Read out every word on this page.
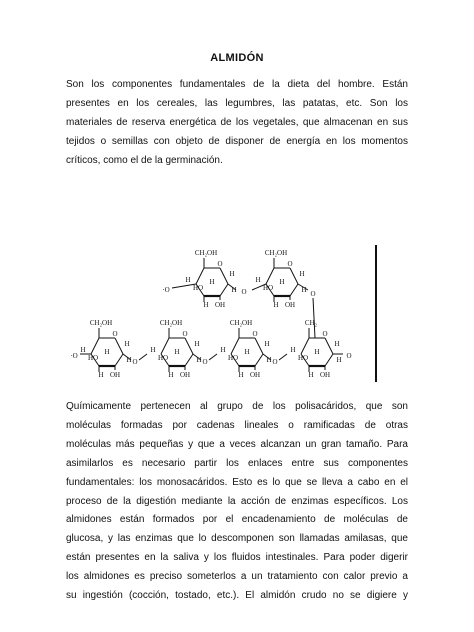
ALMIDÓN
Son los componentes fundamentales de la dieta del hombre. Están
presentes en los cereales, las legumbres, las patatas, etc. Son los
materiales de reserva energética de los vegetales, que almacenan en sus
tejidos o semillas con objeto de disponer de energía en los momentos
críticos, como el de la germinación.
O
CH₂OH
H
HO
H
H OH
H
H
O
CH₂OH
H
HO
H
H OH
H
H
O
CH₂OH
H
HO
H
H OH
H
H
O
CH₂OH
H
HO
H
H OH
H
H
O
CH₂OH
H
HO
H
H OH
H
H
O
CH₂
H
HO
H
H OH
H
H
·O
O	O	O
O
·O	O	O
Químicamente pertenecen al grupo de los polisacáridos, que son
moléculas formadas por cadenas lineales o ramificadas de otras
moléculas más pequeñas y que a veces alcanzan un gran tamaño. Para
asimilarlos es necesario partir los enlaces entre sus componentes
fundamentales: los monosacáridos. Esto es lo que se lleva a cabo en el
proceso de la digestión mediante la acción de enzimas específicos. Los
almidones están formados por el encadenamiento de moléculas de
glucosa, y las enzimas que lo descomponen son llamadas amilasas, que
están presentes en la saliva y los fluidos intestinales. Para poder digerir
los almidones es preciso someterlos a un tratamiento con calor previo a
su ingestión (cocción, tostado, etc.). El almidón crudo no se digiere y
